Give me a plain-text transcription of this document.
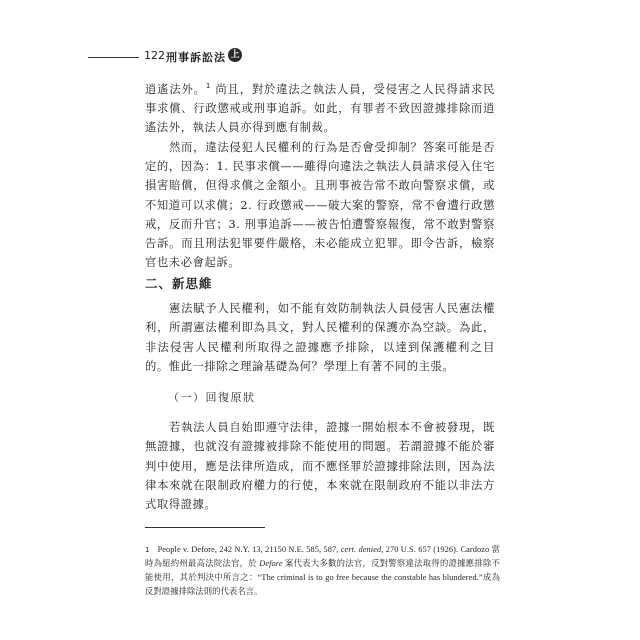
122 刑事訴訟法 上

逍遙法外。$^1$ 尚且，對於違法之執法人員，受侵害之人民得請求民事求償、行政懲戒或刑事追訴。如此，有罪者不致因證據排除而逍遙法外，執法人員亦得到應有制裁。

然而，違法侵犯人民權利的行為是否會受抑制？答案可能是否定的，因為：1. 民事求償——雖得向違法之執法人員請求侵入住宅損害賠償，但得求償之金額小。且刑事被告常不敢向警察求償，或不知道可以求償；2. 行政懲戒——破大案的警察，常不會遭行政懲戒，反而升官；3. 刑事追訴——被告怕遭警察報復，常不敢對警察告訴。而且刑法犯罪要件嚴格，未必能成立犯罪。即令告訴，檢察官也未必會起訴。

二、新思維

憲法賦予人民權利，如不能有效防制執法人員侵害人民憲法權利，所謂憲法權利即為具文，對人民權利的保護亦為空談。為此，非法侵害人民權利所取得之證據應予排除，以達到保護權利之目的。惟此一排除之理論基礎為何？學理上有著不同的主張。

（一）回復原狀

若執法人員自始即遵守法律，證據一開始根本不會被發現，既無證據，也就沒有證據被排除不能使用的問題。若謂證據不能於審判中使用，應是法律所造成，而不應怪罪於證據排除法則，因為法律本來就在限制政府權力的行使，本來就在限制政府不能以非法方式取得證據。

1 People v. Defore, 242 N.Y. 13, 21150 N.E. 585, 587, cert. denied, 270 U.S. 657 (1926). Cardozo 當時為紐約州最高法院法官，於 Defore 案代表大多數的法官，反對警察違法取得的證據應排除不能使用，其於判決中所言之：“The criminal is to go free because the constable has blundered.”成為反對證據排除法則的代表名言。
